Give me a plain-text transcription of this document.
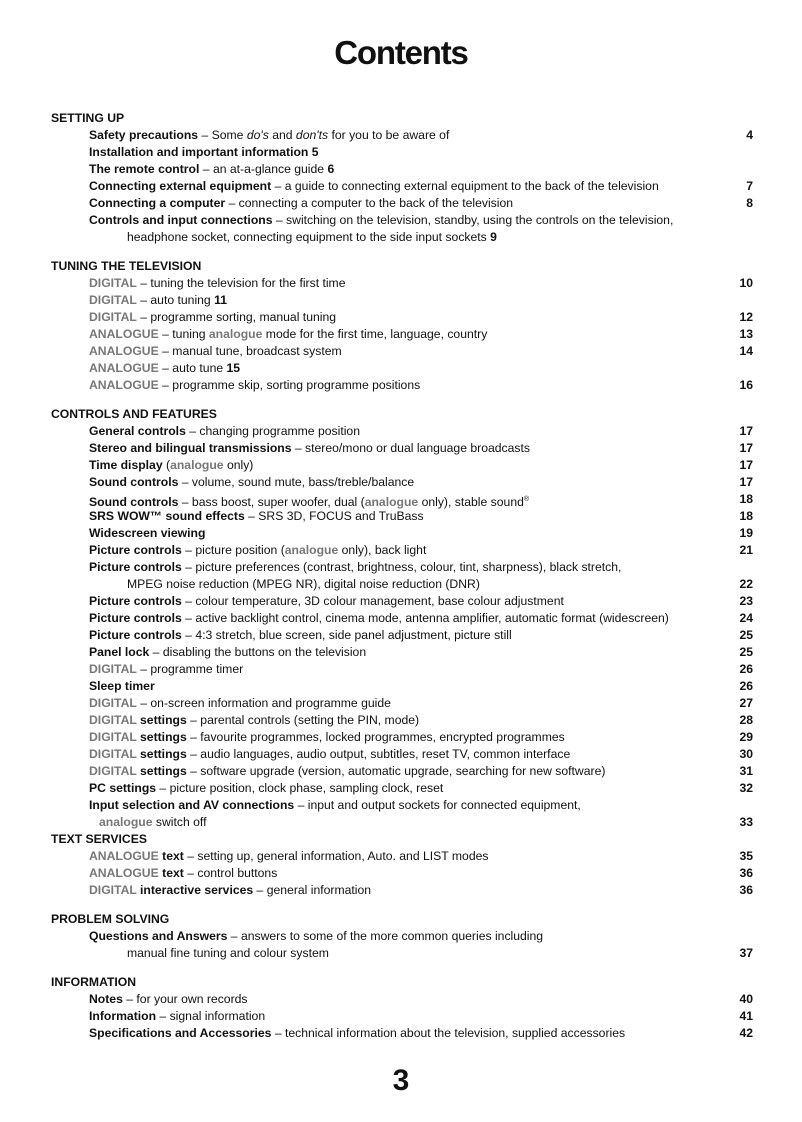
Contents
SETTING UP
Safety precautions – Some do's and don'ts for you to be aware of	4
Installation and important information 5
The remote control – an at-a-glance guide 6
Connecting external equipment – a guide to connecting external equipment to the back of the television	7
Connecting a computer – connecting a computer to the back of the television	8
Controls and input connections – switching on the television, standby, using the controls on the television,
headphone socket, connecting equipment to the side input sockets 9
TUNING THE TELEVISION
DIGITAL – tuning the television for the first time	10
DIGITAL – auto tuning 11
DIGITAL – programme sorting, manual tuning	12
ANALOGUE – tuning analogue mode for the first time, language, country	13
ANALOGUE – manual tune, broadcast system	14
ANALOGUE – auto tune 15
ANALOGUE – programme skip, sorting programme positions	16
CONTROLS AND FEATURES
General controls – changing programme position	17
Stereo and bilingual transmissions – stereo/mono or dual language broadcasts	17
Time display (analogue only)	17
Sound controls – volume, sound mute, bass/treble/balance	17
Sound controls – bass boost, super woofer, dual (analogue only), stable sound®	18
SRS WOW™ sound effects – SRS 3D, FOCUS and TruBass	18
Widescreen viewing	19
Picture controls – picture position (analogue only), back light	21
Picture controls – picture preferences (contrast, brightness, colour, tint, sharpness), black stretch,
MPEG noise reduction (MPEG NR), digital noise reduction (DNR)	22
Picture controls – colour temperature, 3D colour management, base colour adjustment	23
Picture controls – active backlight control, cinema mode, antenna amplifier, automatic format (widescreen)	24
Picture controls – 4:3 stretch, blue screen, side panel adjustment, picture still	25
Panel lock – disabling the buttons on the television	25
DIGITAL – programme timer	26
Sleep timer	26
DIGITAL – on-screen information and programme guide	27
DIGITAL settings – parental controls (setting the PIN, mode)	28
DIGITAL settings – favourite programmes, locked programmes, encrypted programmes	29
DIGITAL settings – audio languages, audio output, subtitles, reset TV, common interface	30
DIGITAL settings – software upgrade (version, automatic upgrade, searching for new software)	31
PC settings – picture position, clock phase, sampling clock, reset	32
Input selection and AV connections – input and output sockets for connected equipment,
analogue switch off	33
TEXT SERVICES
ANALOGUE text – setting up, general information, Auto. and LIST modes	35
ANALOGUE text – control buttons	36
DIGITAL interactive services – general information	36
PROBLEM SOLVING
Questions and Answers – answers to some of the more common queries including
manual fine tuning and colour system	37
INFORMATION
Notes – for your own records	40
Information – signal information	41
Specifications and Accessories – technical information about the television, supplied accessories	42
3
